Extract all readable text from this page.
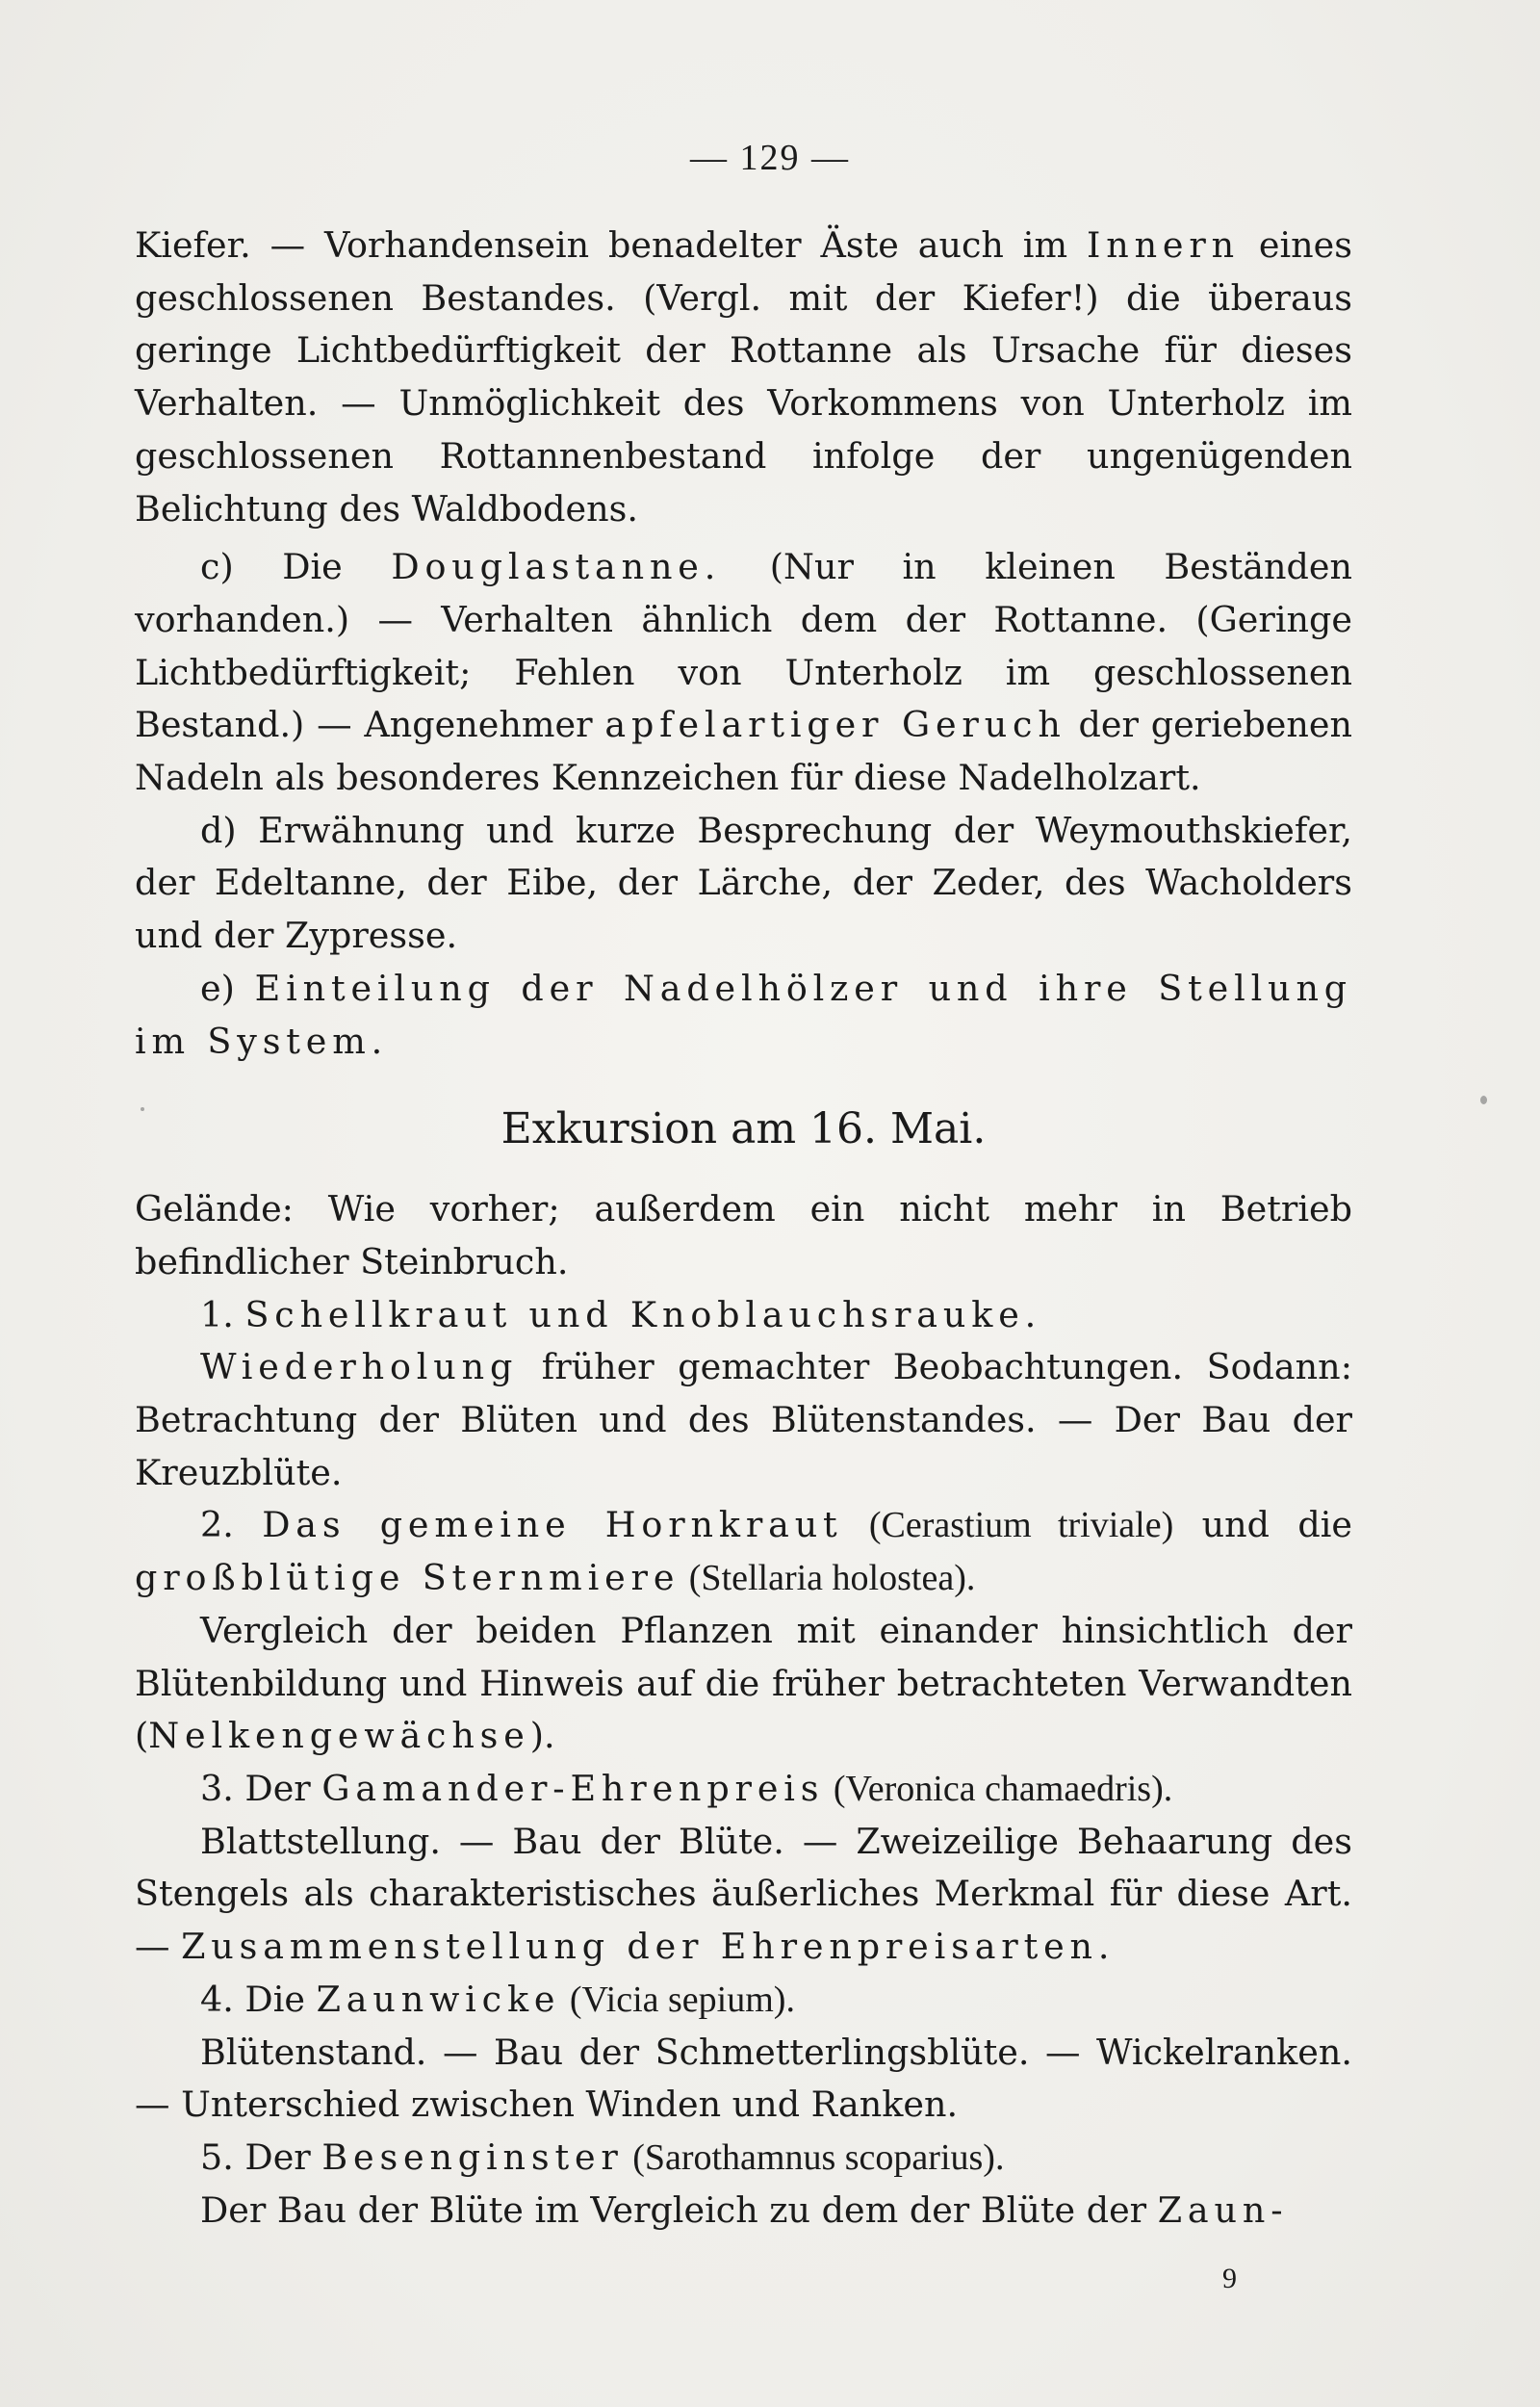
— 129 —

Kiefer. — Vorhandensein benadelter Äste auch im Innern eines geschlossenen Bestandes. (Vergl. mit der Kiefer!) die überaus geringe Lichtbedürftigkeit der Rottanne als Ursache für dieses Verhalten. — Unmöglichkeit des Vorkommens von Unterholz im geschlossenen Rottannenbestand infolge der ungenügenden Belichtung des Waldbodens.

c) Die Douglastanne. (Nur in kleinen Beständen vorhanden.) — Verhalten ähnlich dem der Rottanne. (Geringe Lichtbedürftigkeit; Fehlen von Unterholz im geschlossenen Bestand.) — Angenehmer apfelartiger Geruch der geriebenen Nadeln als besonderes Kennzeichen für diese Nadelholzart.

d) Erwähnung und kurze Besprechung der Weymouthskiefer, der Edeltanne, der Eibe, der Lärche, der Zeder, des Wacholders und der Zypresse.

e) Einteilung der Nadelhölzer und ihre Stellung im System.

Exkursion am 16. Mai.

Gelände: Wie vorher; außerdem ein nicht mehr in Betrieb befindlicher Steinbruch.

1. Schellkraut und Knoblauchsrauke.

Wiederholung früher gemachter Beobachtungen. Sodann: Betrachtung der Blüten und des Blütenstandes. — Der Bau der Kreuzblüte.

2. Das gemeine Hornkraut (Cerastium triviale) und die großblütige Sternmiere (Stellaria holostea).

Vergleich der beiden Pflanzen mit einander hinsichtlich der Blütenbildung und Hinweis auf die früher betrachteten Verwandten (Nelkengewächse).

3. Der Gamander-Ehrenpreis (Veronica chamaedris).

Blattstellung. — Bau der Blüte. — Zweizeilige Behaarung des Stengels als charakteristisches äußerliches Merkmal für diese Art. — Zusammenstellung der Ehrenpreisarten.

4. Die Zaunwicke (Vicia sepium).

Blütenstand. — Bau der Schmetterlingsblüte. — Wickelranken. — Unterschied zwischen Winden und Ranken.

5. Der Besenginster (Sarothamnus scoparius).

Der Bau der Blüte im Vergleich zu dem der Blüte der Zaun-

9
